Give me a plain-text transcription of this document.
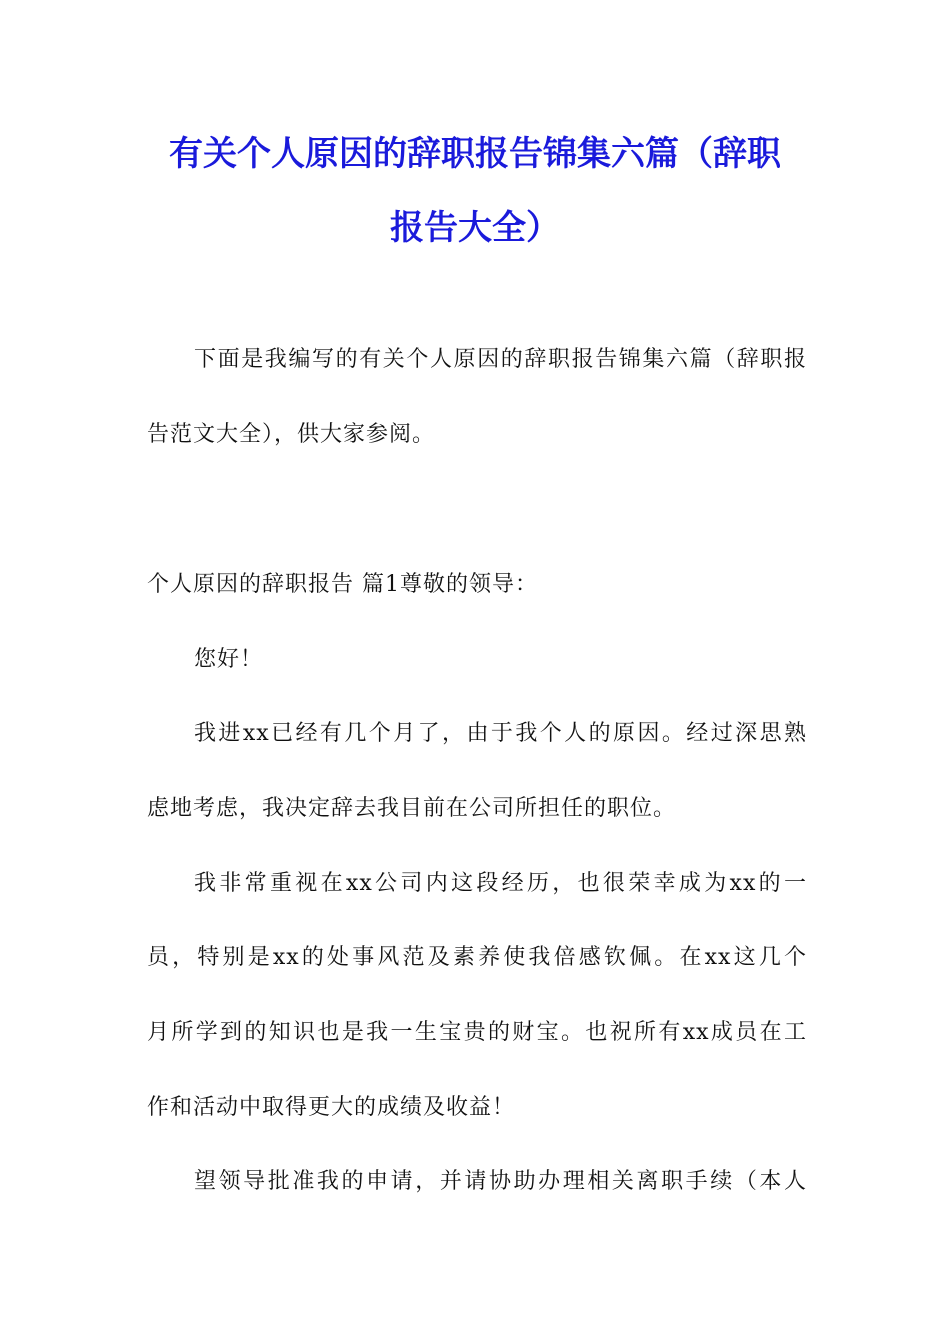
有关个人原因的辞职报告锦集六篇（辞职
报告大全）
下面是我编写的有关个人原因的辞职报告锦集六篇（辞职报
告范文大全），供大家参阅。
个人原因的辞职报告 篇1尊敬的领导：
您好！
我进xx已经有几个月了，由于我个人的原因。经过深思熟
虑地考虑，我决定辞去我目前在公司所担任的职位。
我非常重视在xx公司内这段经历，也很荣幸成为xx的一
员，特别是xx的处事风范及素养使我倍感钦佩。在xx这几个
月所学到的知识也是我一生宝贵的财宝。也祝所有xx成员在工
作和活动中取得更大的成绩及收益！
望领导批准我的申请，并请协助办理相关离职手续（本人
